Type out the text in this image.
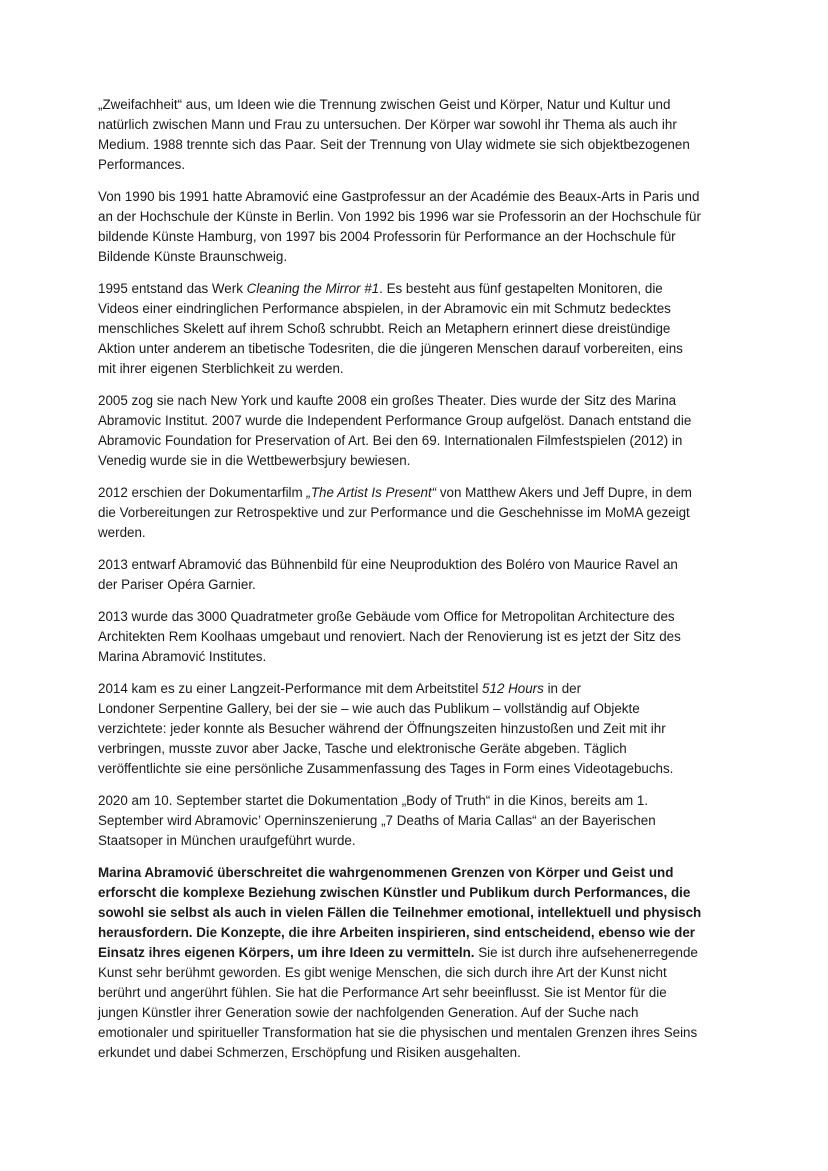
„Zweifachheit“ aus, um Ideen wie die Trennung zwischen Geist und Körper, Natur und Kultur und
natürlich zwischen Mann und Frau zu untersuchen. Der Körper war sowohl ihr Thema als auch ihr
Medium. 1988 trennte sich das Paar. Seit der Trennung von Ulay widmete sie sich objektbezogenen
Performances.

Von 1990 bis 1991 hatte Abramović eine Gastprofessur an der Académie des Beaux-Arts in Paris und
an der Hochschule der Künste in Berlin. Von 1992 bis 1996 war sie Professorin an der Hochschule für
bildende Künste Hamburg, von 1997 bis 2004 Professorin für Performance an der Hochschule für
Bildende Künste Braunschweig.

1995 entstand das Werk Cleaning the Mirror #1. Es besteht aus fünf gestapelten Monitoren, die
Videos einer eindringlichen Performance abspielen, in der Abramovic ein mit Schmutz bedecktes
menschliches Skelett auf ihrem Schoß schrubbt. Reich an Metaphern erinnert diese dreistündige
Aktion unter anderem an tibetische Todesriten, die die jüngeren Menschen darauf vorbereiten, eins
mit ihrer eigenen Sterblichkeit zu werden.

2005 zog sie nach New York und kaufte 2008 ein großes Theater. Dies wurde der Sitz des Marina
Abramovic Institut. 2007 wurde die Independent Performance Group aufgelöst. Danach entstand die
Abramovic Foundation for Preservation of Art. Bei den 69. Internationalen Filmfestspielen (2012) in
Venedig wurde sie in die Wettbewerbsjury bewiesen.

2012 erschien der Dokumentarfilm „The Artist Is Present“ von Matthew Akers und Jeff Dupre, in dem
die Vorbereitungen zur Retrospektive und zur Performance und die Geschehnisse im MoMA gezeigt
werden.

2013 entwarf Abramović das Bühnenbild für eine Neuproduktion des Boléro von Maurice Ravel an
der Pariser Opéra Garnier.

2013 wurde das 3000 Quadratmeter große Gebäude vom Office for Metropolitan Architecture des
Architekten Rem Koolhaas umgebaut und renoviert. Nach der Renovierung ist es jetzt der Sitz des
Marina Abramović Institutes.

2014 kam es zu einer Langzeit-Performance mit dem Arbeitstitel 512 Hours in der
Londoner Serpentine Gallery, bei der sie – wie auch das Publikum – vollständig auf Objekte
verzichtete: jeder konnte als Besucher während der Öffnungszeiten hinzustoßen und Zeit mit ihr
verbringen, musste zuvor aber Jacke, Tasche und elektronische Geräte abgeben. Täglich
veröffentlichte sie eine persönliche Zusammenfassung des Tages in Form eines Videotagebuchs.

2020 am 10. September startet die Dokumentation „Body of Truth“ in die Kinos, bereits am 1.
September wird Abramovic’ Operninszenierung „7 Deaths of Maria Callas“ an der Bayerischen
Staatsoper in München uraufgeführt wurde.

Marina Abramović überschreitet die wahrgenommenen Grenzen von Körper und Geist und
erforscht die komplexe Beziehung zwischen Künstler und Publikum durch Performances, die
sowohl sie selbst als auch in vielen Fällen die Teilnehmer emotional, intellektuell und physisch
herausfordern. Die Konzepte, die ihre Arbeiten inspirieren, sind entscheidend, ebenso wie der
Einsatz ihres eigenen Körpers, um ihre Ideen zu vermitteln. Sie ist durch ihre aufsehenerregende
Kunst sehr berühmt geworden. Es gibt wenige Menschen, die sich durch ihre Art der Kunst nicht
berührt und angerührt fühlen. Sie hat die Performance Art sehr beeinflusst. Sie ist Mentor für die
jungen Künstler ihrer Generation sowie der nachfolgenden Generation. Auf der Suche nach
emotionaler und spiritueller Transformation hat sie die physischen und mentalen Grenzen ihres Seins
erkundet und dabei Schmerzen, Erschöpfung und Risiken ausgehalten.
